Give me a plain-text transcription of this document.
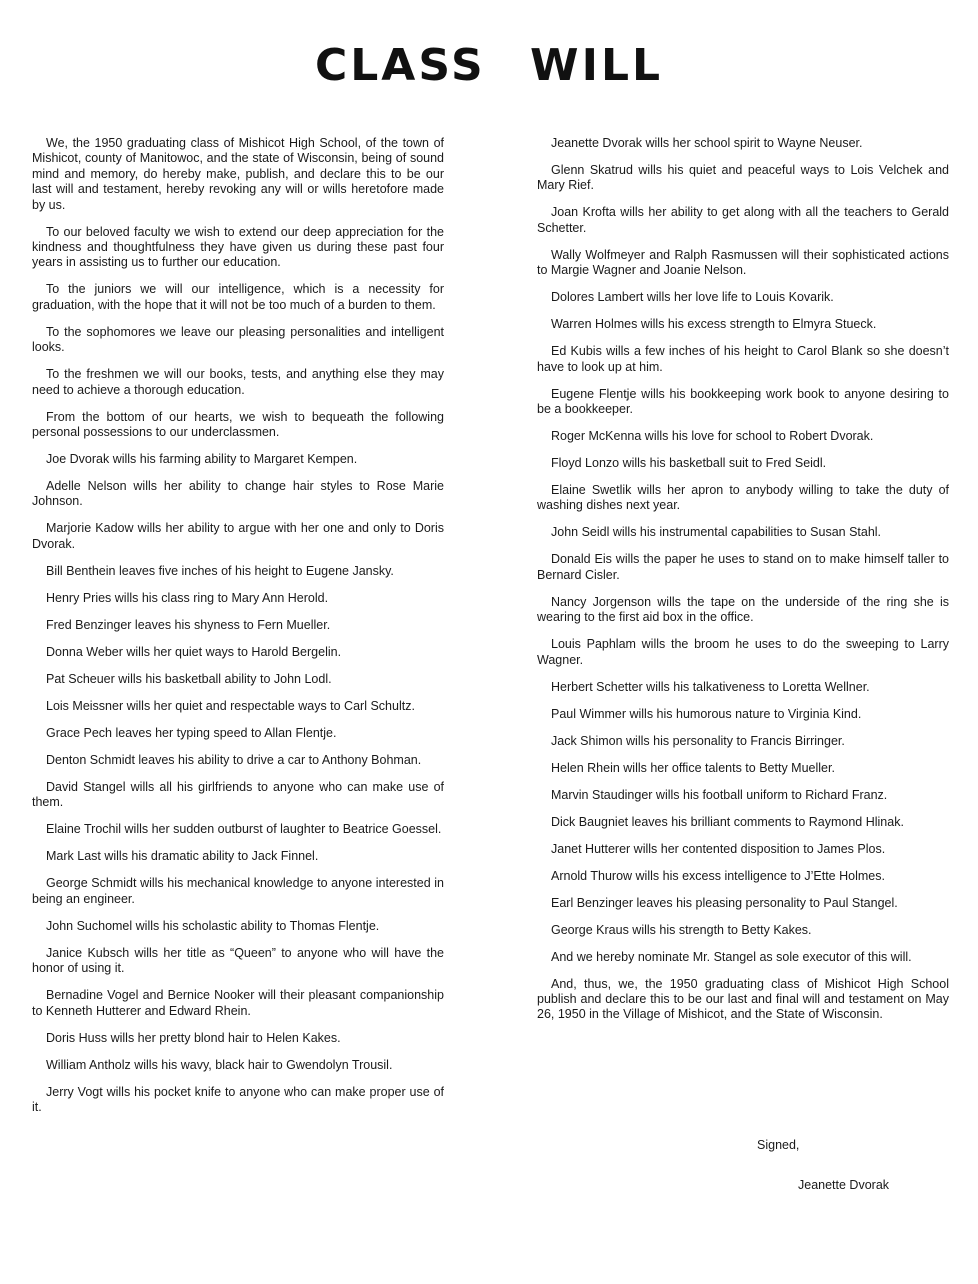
CLASS WILL

We, the 1950 graduating class of Mishicot High School, of the town of Mishicot, county of Manitowoc, and the state of Wisconsin, being of sound mind and memory, do hereby make, publish, and declare this to be our last will and testament, hereby revoking any will or wills heretofore made by us.

To our beloved faculty we wish to extend our deep appreciation for the kindness and thoughtfulness they have given us during these past four years in assisting us to further our education.

To the juniors we will our intelligence, which is a necessity for graduation, with the hope that it will not be too much of a burden to them.

To the sophomores we leave our pleasing personalities and intelligent looks.

To the freshmen we will our books, tests, and anything else they may need to achieve a thorough education.

From the bottom of our hearts, we wish to bequeath the following personal possessions to our underclassmen.

Joe Dvorak wills his farming ability to Margaret Kempen.

Adelle Nelson wills her ability to change hair styles to Rose Marie Johnson.

Marjorie Kadow wills her ability to argue with her one and only to Doris Dvorak.

Bill Benthein leaves five inches of his height to Eugene Jansky.

Henry Pries wills his class ring to Mary Ann Herold.

Fred Benzinger leaves his shyness to Fern Mueller.

Donna Weber wills her quiet ways to Harold Bergelin.

Pat Scheuer wills his basketball ability to John Lodl.

Lois Meissner wills her quiet and respectable ways to Carl Schultz.

Grace Pech leaves her typing speed to Allan Flentje.

Denton Schmidt leaves his ability to drive a car to Anthony Bohman.

David Stangel wills all his girlfriends to anyone who can make use of them.

Elaine Trochil wills her sudden outburst of laughter to Beatrice Goessel.

Mark Last wills his dramatic ability to Jack Finnel.

George Schmidt wills his mechanical knowledge to anyone interested in being an engineer.

John Suchomel wills his scholastic ability to Thomas Flentje.

Janice Kubsch wills her title as “Queen” to anyone who will have the honor of using it.

Bernadine Vogel and Bernice Nooker will their pleasant companionship to Kenneth Hutterer and Edward Rhein.

Doris Huss wills her pretty blond hair to Helen Kakes.

William Antholz wills his wavy, black hair to Gwendolyn Trousil.

Jerry Vogt wills his pocket knife to anyone who can make proper use of it.

Jeanette Dvorak wills her school spirit to Wayne Neuser.

Glenn Skatrud wills his quiet and peaceful ways to Lois Velchek and Mary Rief.

Joan Krofta wills her ability to get along with all the teachers to Gerald Schetter.

Wally Wolfmeyer and Ralph Rasmussen will their sophisticated actions to Margie Wagner and Joanie Nelson.

Dolores Lambert wills her love life to Louis Kovarik.

Warren Holmes wills his excess strength to Elmyra Stueck.

Ed Kubis wills a few inches of his height to Carol Blank so she doesn’t have to look up at him.

Eugene Flentje wills his bookkeeping work book to anyone desiring to be a bookkeeper.

Roger McKenna wills his love for school to Robert Dvorak.

Floyd Lonzo wills his basketball suit to Fred Seidl.

Elaine Swetlik wills her apron to anybody willing to take the duty of washing dishes next year.

John Seidl wills his instrumental capabilities to Susan Stahl.

Donald Eis wills the paper he uses to stand on to make himself taller to Bernard Cisler.

Nancy Jorgenson wills the tape on the underside of the ring she is wearing to the first aid box in the office.

Louis Paphlam wills the broom he uses to do the sweeping to Larry Wagner.

Herbert Schetter wills his talkativeness to Loretta Wellner.

Paul Wimmer wills his humorous nature to Virginia Kind.

Jack Shimon wills his personality to Francis Birringer.

Helen Rhein wills her office talents to Betty Mueller.

Marvin Staudinger wills his football uniform to Richard Franz.

Dick Baugniet leaves his brilliant comments to Raymond Hlinak.

Janet Hutterer wills her contented disposition to James Plos.

Arnold Thurow wills his excess intelligence to J’Ette Holmes.

Earl Benzinger leaves his pleasing personality to Paul Stangel.

George Kraus wills his strength to Betty Kakes.

And we hereby nominate Mr. Stangel as sole executor of this will.

And, thus, we, the 1950 graduating class of Mishicot High School publish and declare this to be our last and final will and testament on May 26, 1950 in the Village of Mishicot, and the State of Wisconsin.

Signed,

Jeanette Dvorak
